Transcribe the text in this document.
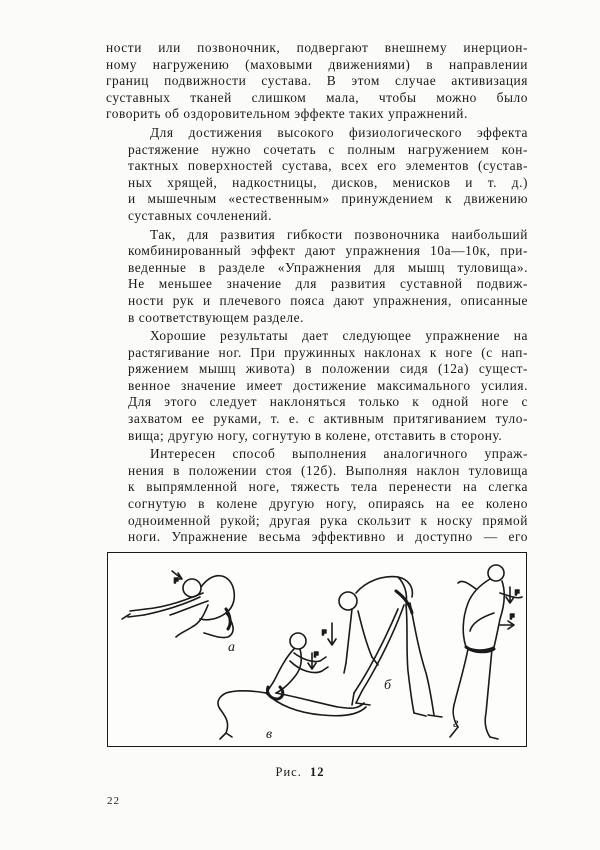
ности или позвоночник, подвергают внешнему инерцион-
ному нагружению (маховыми движениями) в направлении
границ подвижности сустава. В этом случае активизация
суставных тканей слишком мала, чтобы можно было
говорить об оздоровительном эффекте таких упражнений.

Для достижения высокого физиологического эффекта
растяжение нужно сочетать с полным нагружением кон-
тактных поверхностей сустава, всех его элементов (сустав-
ных хрящей, надкостницы, дисков, менисков и т. д.)
и мышечным «естественным» принуждением к движению
суставных сочленений.

Так, для развития гибкости позвоночника наибольший
комбинированный эффект дают упражнения 10а—10к, при-
веденные в разделе «Упражнения для мышц туловища».
Не меньшее значение для развития суставной подвиж-
ности рук и плечевого пояса дают упражнения, описанные
в соответствующем разделе.

Хорошие результаты дает следующее упражнение на
растягивание ног. При пружинных наклонах к ноге (с нап-
ряжением мышц живота) в положении сидя (12а) сущест-
венное значение имеет достижение максимального усилия.
Для этого следует наклоняться только к одной ноге с
захватом ее руками, т. е. с активным притягиванием туло-
вища; другую ногу, согнутую в колене, отставить в сторону.

Интересен способ выполнения аналогичного упраж-
нения в положении стоя (12б). Выполняя наклон туловища
к выпрямленной ноге, тяжесть тела перенести на слегка
согнутую в колене другую ногу, опираясь на ее колено
одноименной рукой; другая рука скользит к носку прямой
ноги. Упражнение весьма эффективно и доступно — его

F
F
F
F
F
а
б
в
г
Рис. 12
22
